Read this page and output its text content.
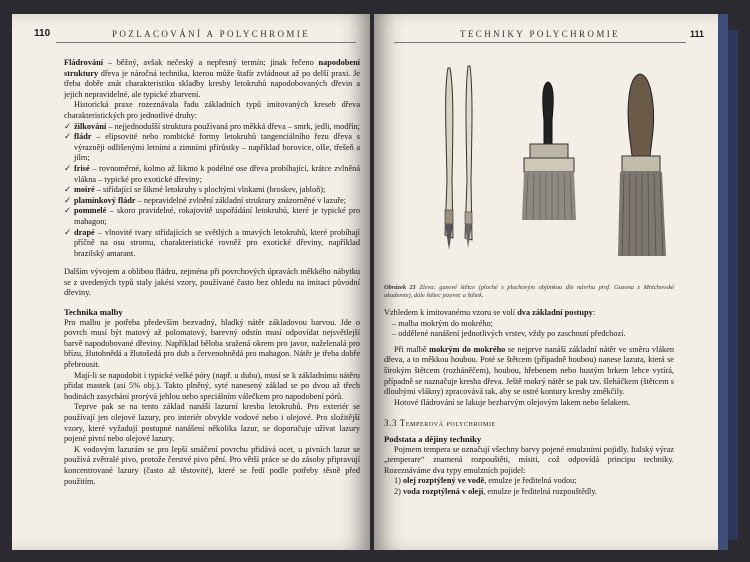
110	POZLACOVÁNÍ A POLYCHROMIE

Fládrování – běžný, avšak nečeský a nepřesný termín; jinak řečeno napodobení struktury dřeva je náročná technika, kterou může štafír zvládnout až po delší praxi. Je třeba dobře znát charakteristiku skladby kresby letokruhů napodobovaných dřevin a jejich nepravidelné, ale typické zbarvení.

Historická praxe rozeznávala řadu základních typů imitovaných kreseb dřeva charakteristických pro jednotlivé druhy:

✓ žilkování – nejjednodušší struktura používaná pro měkká dřeva – smrk, jedli, modřín;
✓ fládr – elipsovité nebo rombické formy letokruhů tangenciálního řezu dřeva s výrazněji odlišenými letními a zimními přírůstky – například borovice, olše, třešeň a jilm;
✓ frisé – rovnoměrné, kolmo až šikmo k podélné ose dřeva probíhající, krátce zvlněná vlákna – typické pro exotické dřeviny;
✓ moiré – střídající se šikmé letokruhy s plochými vlnkami (broskev, jabloň);
✓ plamínkový fládr – nepravidelné zvlnění základní struktury znázorněné v lazuře;
✓ pommelé – skoro pravidelné, rokajovitě uspořádání letokruhů, které je typické pro mahagon;
✓ drapé – vlnovité tvary střídajících se světlých a tmavých letokruhů, které probíhají příčně na osu stromu, charakteristické rovněž pro exotické dřeviny, například brazilský amarant.

Dalším vývojem a oblibou fládru, zejména při povrchových úpravách měkkého nábytku se z uvedených typů staly jakési vzory, používané často bez ohledu na imitaci původní dřeviny.

Technika malby

Pro malbu je potřeba především bezvadný, hladký nátěr základovou barvou. Jde o povrch musí být matový až polomatový, barevný odstín musí odpovídat nejsvětlejší barvě napodobované dřeviny. Například běloba sražená okrem pro javor, naželenalá pro břízu, žlutohnědá a žlutošedá pro dub a červenohnědá pro mahagon. Nátěr je třeba dobře přebrousit.

Mají-li se napodobit i typické velké póry (např. u dubu), musí se k základnímu nátěru přidat mastek (asi 5% obj.). Takto plněný, syté nanesený základ se po dvou až třech hodinách zasychání prorývá jehlou nebo speciálním válečkem pro napodobení pórů.

Teprve pak se na tento základ nanáší lazurní kresba letokruhů. Pro exteriér se používají jen olejové lazury, pro interiér obvykle vodové nebo i olejové. Pro složitější vzory, které vyžadují postupné nanášení několika lazur, se doporučuje užívat lazury pojené pivní nebo olejové lazury.

K vodovým lazurám se pro lepší smáčení povrchu přidává ocet, u pivních lazur se používá zvětralé pivo, protože čerstvé pivo pění. Pro větší práce se do zásoby připravují koncentrované lazury (často až těstovité), které se ředí podle potřeby těsně před použitím.

TECHNIKY POLYCHROMIE	111

Obrázek 21 Zleva: gusové štětce (ploché s plochovým objímkou dle návrhu prof. Gusona z Mnichovské akademie), dále štětec jezevec a štětek.

Vzhledem k imitovanému vzoru se volí dva základní postupy:

– malba mokrým do mokrého;

– oddělené nanášení jednotlivých vrstev, vždy po zaschnutí předchozí.

Při malbě mokrým do mokrého se nejprve nanáší základní nátěr ve směru vláken dřeva, a to měkkou houbou. Poté se štětcem (případně houbou) nanese lazura, která se širokým štětcem (rozháněčem), houbou, hřebenem nebo hustým brkem lehce vytírá, případně se naznačuje kresba dřeva. Ještě mokrý nátěr se pak tzv. šleháčkem (štětcem s dlouhými vlákny) zpracovává tak, aby se ostré kontury kresby změkčily.

Hotové fládrování se lakuje bezbarvým olejovým lakem nebo šelakem.

3.3 Temperová polychromie

Podstata a dějiny techniky

Pojmem tempera se označují všechny barvy pojené emulzními pojidly. Italský výraz „temperare“ znamená rozpouštěti, mísiti, což odpovídá principu techniky. Rozeznáváme dva typy emulzních pojidel:

1) olej rozptýlený ve vodě, emulze je ředitelná vodou;

2) voda rozptýlená v oleji, emulze je ředitelná rozpouštědly.
